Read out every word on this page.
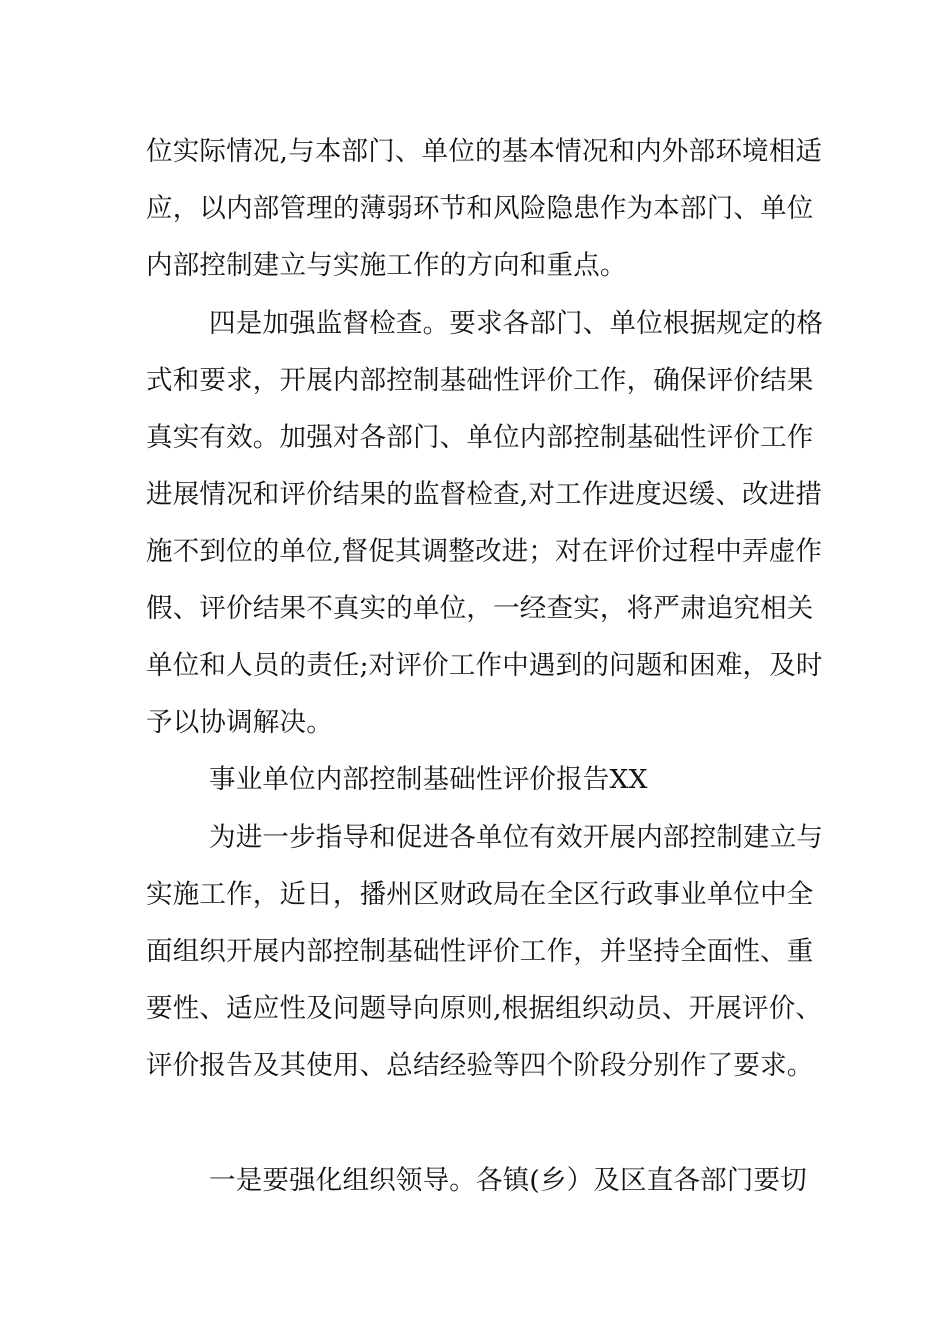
位实际情况,与本部门、单位的基本情况和内外部环境相适
应，以内部管理的薄弱环节和风险隐患作为本部门、单位
内部控制建立与实施工作的方向和重点。
四是加强监督检查。要求各部门、单位根据规定的格
式和要求，开展内部控制基础性评价工作，确保评价结果
真实有效。加强对各部门、单位内部控制基础性评价工作
进展情况和评价结果的监督检查,对工作进度迟缓、改进措
施不到位的单位,督促其调整改进；对在评价过程中弄虚作
假、评价结果不真实的单位，一经查实，将严肃追究相关
单位和人员的责任;对评价工作中遇到的问题和困难，及时
予以协调解决。
事业单位内部控制基础性评价报告XX
为进一步指导和促进各单位有效开展内部控制建立与
实施工作，近日，播州区财政局在全区行政事业单位中全
面组织开展内部控制基础性评价工作，并坚持全面性、重
要性、适应性及问题导向原则,根据组织动员、开展评价、
评价报告及其使用、总结经验等四个阶段分别作了要求。
一是要强化组织领导。各镇(乡）及区直各部门要切
